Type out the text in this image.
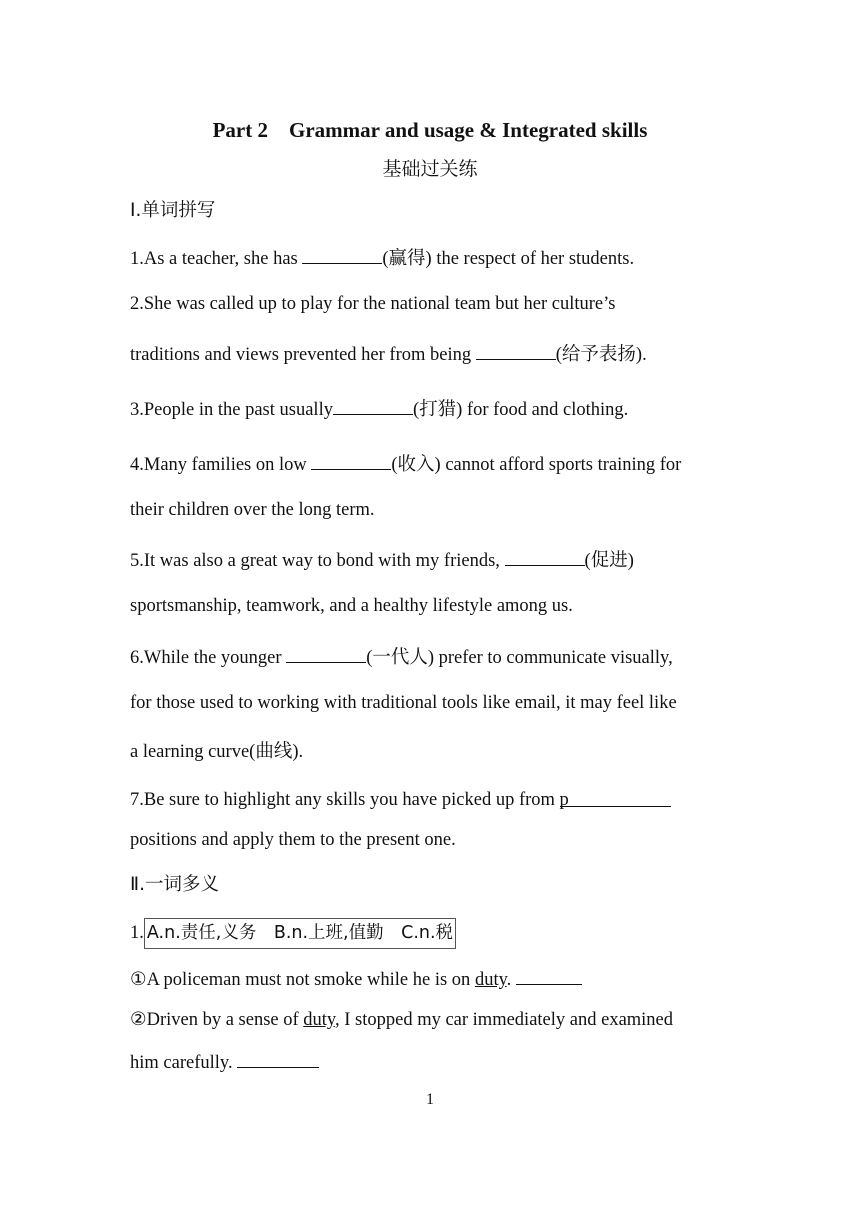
Part 2　Grammar and usage & Integrated skills
基础过关练
Ⅰ.单词拼写
1.As a teacher, she has	(赢得) the respect of her students.
2.She was called up to play for the national team but her culture’s
traditions and views prevented her from being	(给予表扬).
3.People in the past usually	(打猎) for food and clothing.
4.Many families on low	(收入) cannot afford sports training for
their children over the long term.
5.It was also a great way to bond with my friends,	(促进)
sportsmanship, teamwork, and a healthy lifestyle among us.
6.While the younger	(一代人) prefer to communicate visually,
for those used to working with traditional tools like email, it may feel like
a learning curve(曲线).
7.Be sure to highlight any skills you have picked up from p
positions and apply them to the present one.
Ⅱ.一词多义
1. A.n.责任,义务　B.n.上班,值勤　C.n.税
①A policeman must not smoke while he is on duty.
②Driven by a sense of duty, I stopped my car immediately and examined
him carefully.
1
